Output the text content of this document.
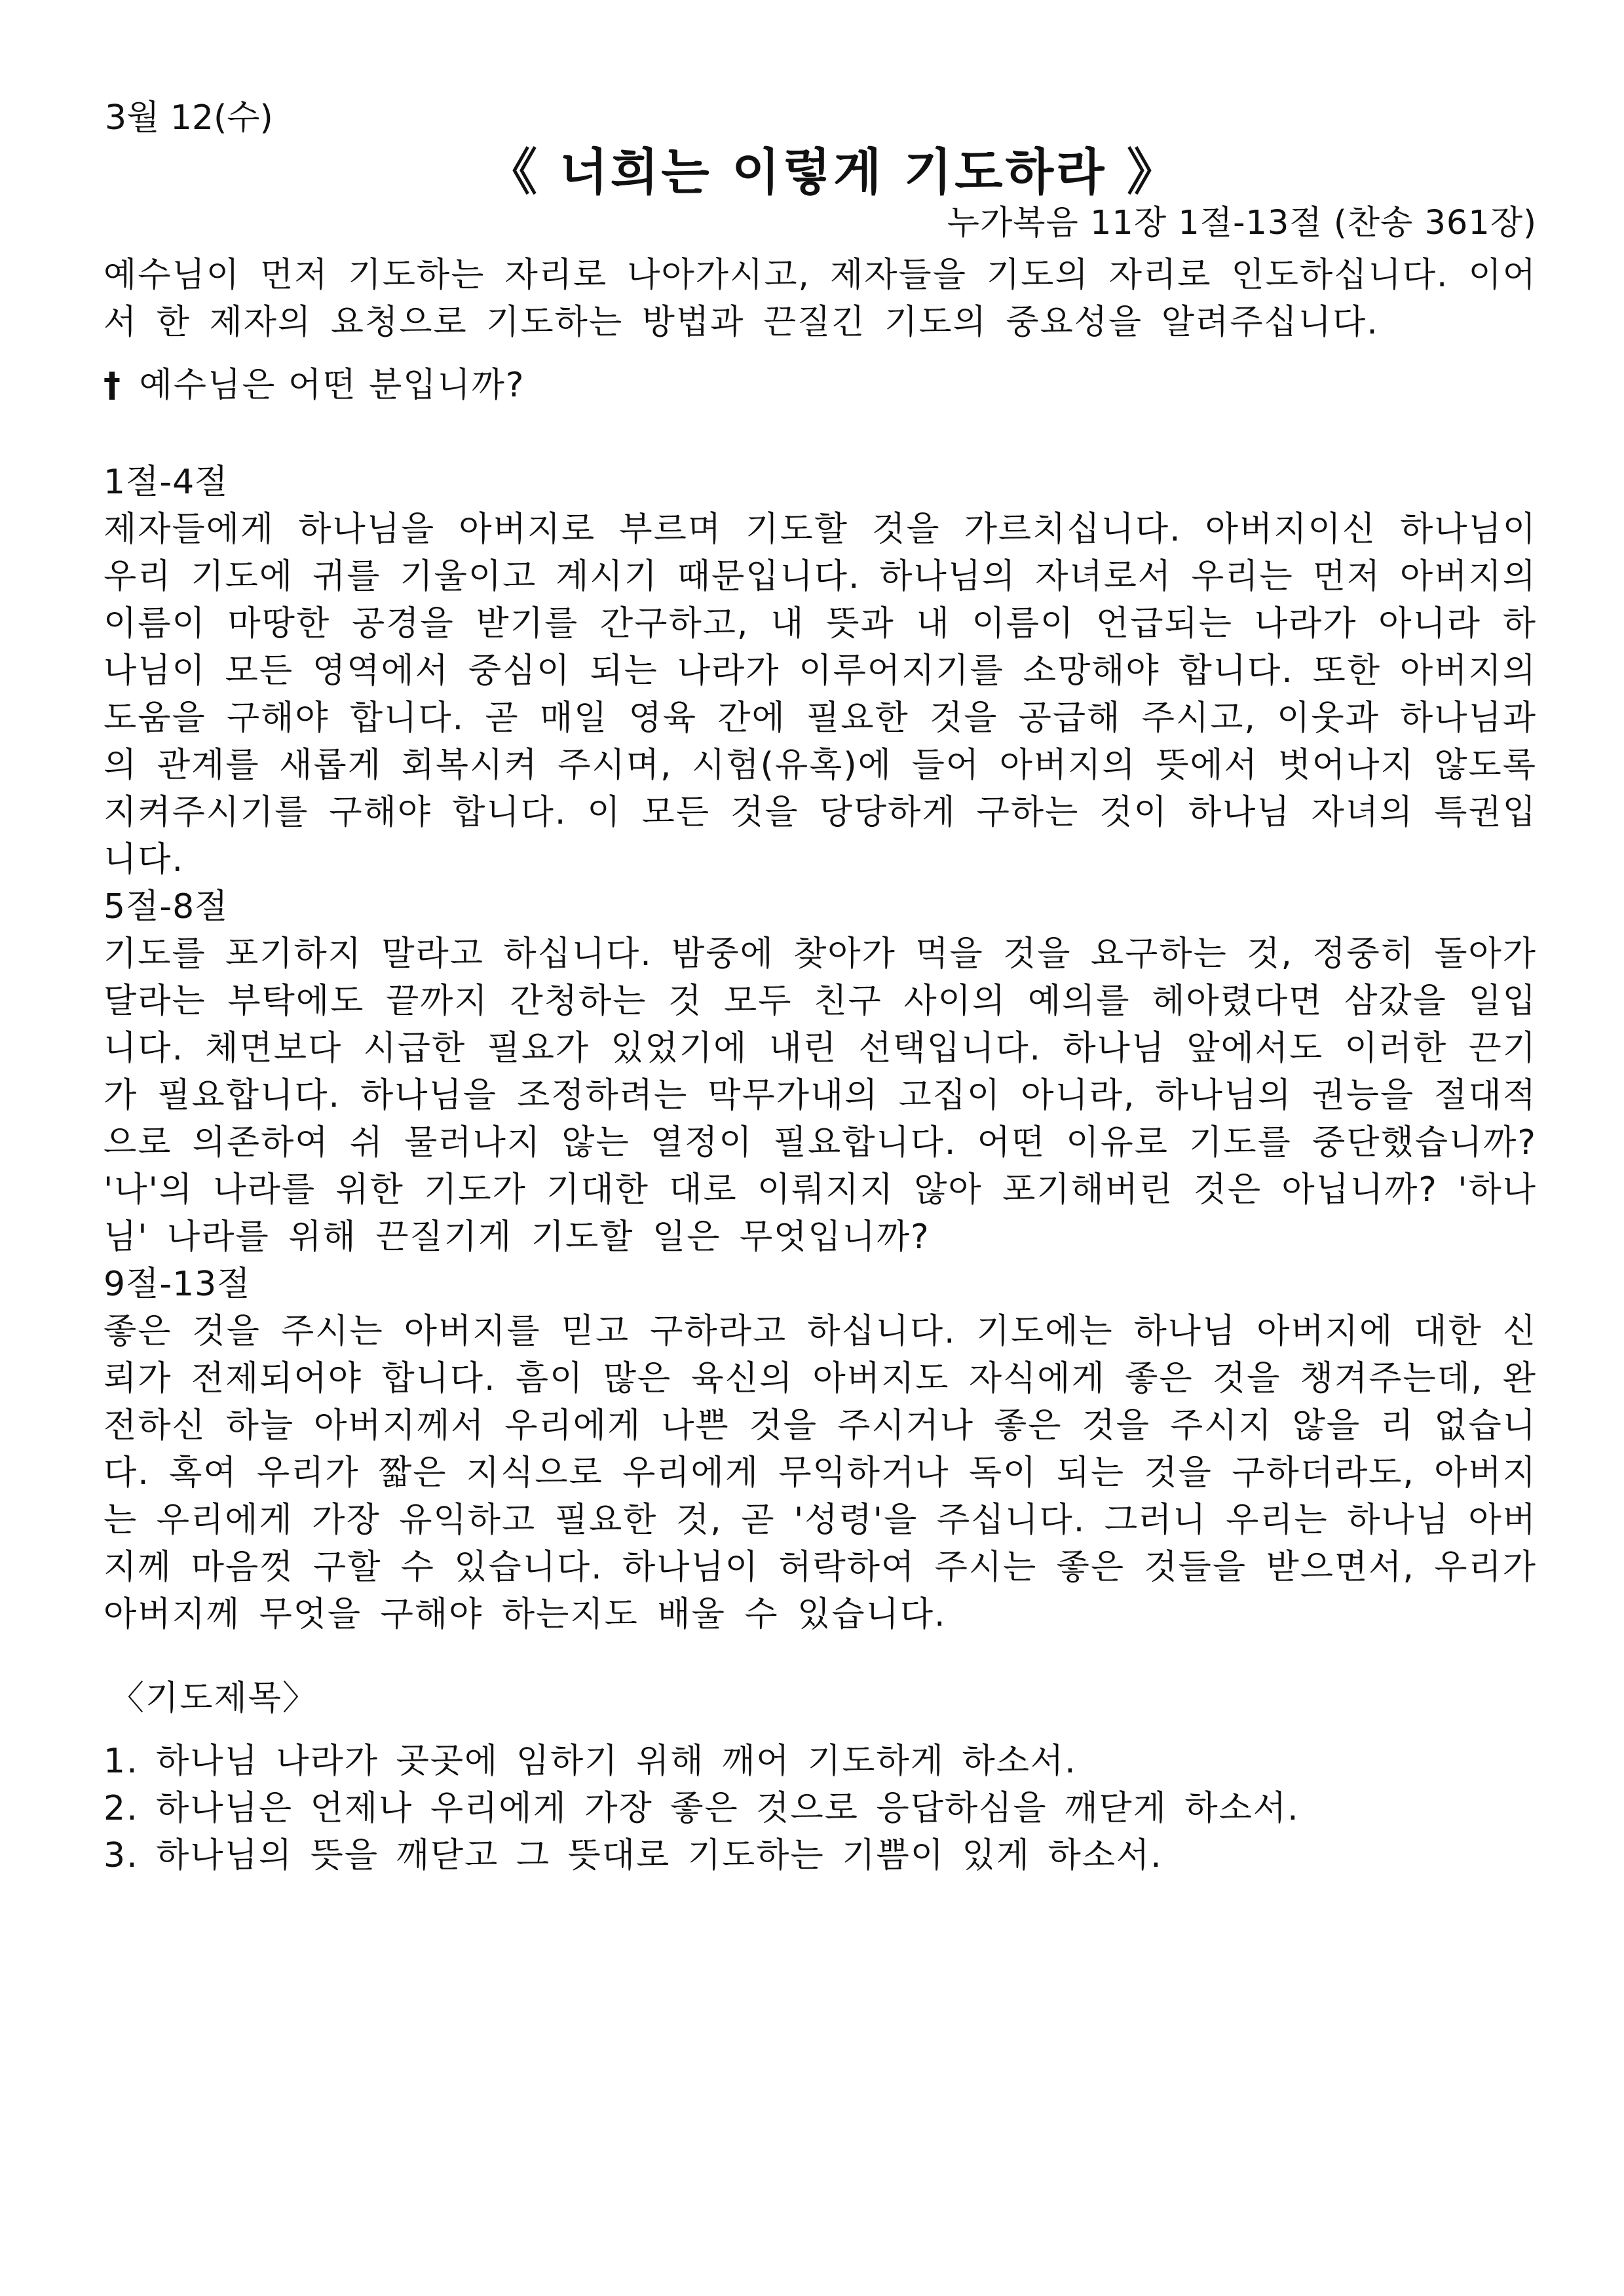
3월 12(수)
《 너희는 이렇게 기도하라 》
누가복음 11장 1절-13절 (찬송 361장)
예수님이 먼저 기도하는 자리로 나아가시고, 제자들을 기도의 자리로 인도하십니다. 이어서 한 제자의 요청으로 기도하는 방법과 끈질긴 기도의 중요성을 알려주십니다.
† 예수님은 어떤 분입니까?
1절-4절
제자들에게 하나님을 아버지로 부르며 기도할 것을 가르치십니다. 아버지이신 하나님이 우리 기도에 귀를 기울이고 계시기 때문입니다. 하나님의 자녀로서 우리는 먼저 아버지의 이름이 마땅한 공경을 받기를 간구하고, 내 뜻과 내 이름이 언급되는 나라가 아니라 하나님이 모든 영역에서 중심이 되는 나라가 이루어지기를 소망해야 합니다. 또한 아버지의 도움을 구해야 합니다. 곧 매일 영육 간에 필요한 것을 공급해 주시고, 이웃과 하나님과의 관계를 새롭게 회복시켜 주시며, 시험(유혹)에 들어 아버지의 뜻에서 벗어나지 않도록 지켜주시기를 구해야 합니다. 이 모든 것을 당당하게 구하는 것이 하나님 자녀의 특권입니다.
5절-8절
기도를 포기하지 말라고 하십니다. 밤중에 찾아가 먹을 것을 요구하는 것, 정중히 돌아가 달라는 부탁에도 끝까지 간청하는 것 모두 친구 사이의 예의를 헤아렸다면 삼갔을 일입니다. 체면보다 시급한 필요가 있었기에 내린 선택입니다. 하나님 앞에서도 이러한 끈기가 필요합니다. 하나님을 조정하려는 막무가내의 고집이 아니라, 하나님의 권능을 절대적으로 의존하여 쉬 물러나지 않는 열정이 필요합니다. 어떤 이유로 기도를 중단했습니까? '나'의 나라를 위한 기도가 기대한 대로 이뤄지지 않아 포기해버린 것은 아닙니까? '하나님' 나라를 위해 끈질기게 기도할 일은 무엇입니까?
9절-13절
좋은 것을 주시는 아버지를 믿고 구하라고 하십니다. 기도에는 하나님 아버지에 대한 신뢰가 전제되어야 합니다. 흠이 많은 육신의 아버지도 자식에게 좋은 것을 챙겨주는데, 완전하신 하늘 아버지께서 우리에게 나쁜 것을 주시거나 좋은 것을 주시지 않을 리 없습니다. 혹여 우리가 짧은 지식으로 우리에게 무익하거나 독이 되는 것을 구하더라도, 아버지는 우리에게 가장 유익하고 필요한 것, 곧 '성령'을 주십니다. 그러니 우리는 하나님 아버지께 마음껏 구할 수 있습니다. 하나님이 허락하여 주시는 좋은 것들을 받으면서, 우리가 아버지께 무엇을 구해야 하는지도 배울 수 있습니다.
〈기도제목〉
1. 하나님 나라가 곳곳에 임하기 위해 깨어 기도하게 하소서.
2. 하나님은 언제나 우리에게 가장 좋은 것으로 응답하심을 깨닫게 하소서.
3. 하나님의 뜻을 깨닫고 그 뜻대로 기도하는 기쁨이 있게 하소서.
